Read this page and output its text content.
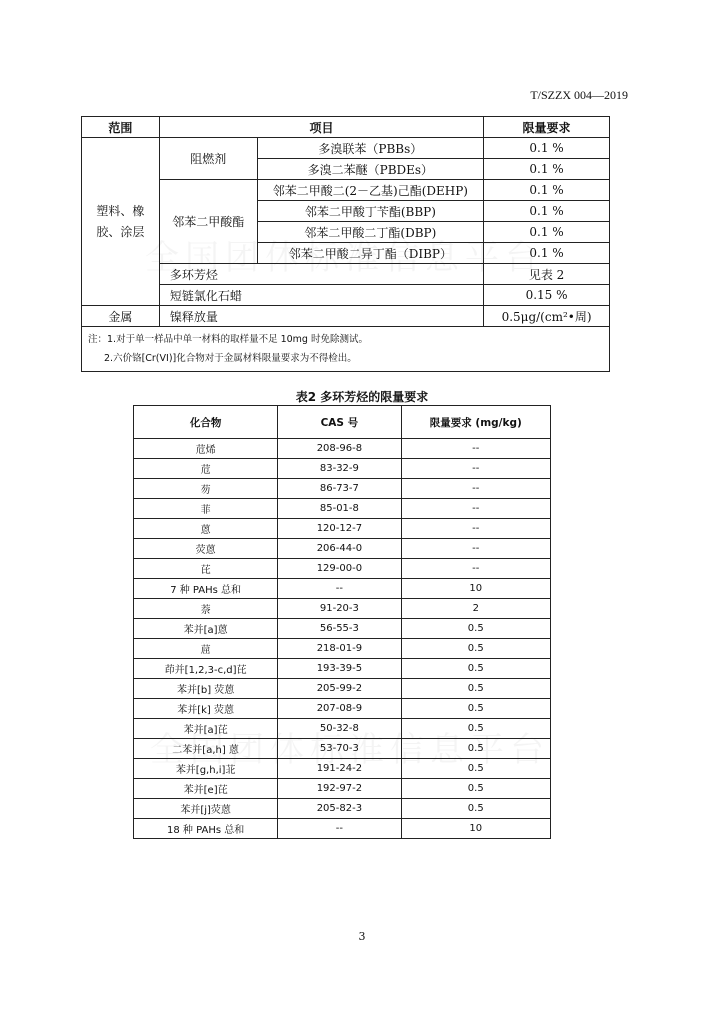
T/SZZX 004—2019
范围	项目		限量要求
塑料、橡胶、涂层	阻燃剂	多溴联苯（PBBs）	0.1 %
		多溴二苯醚（PBDEs）	0.1 %
	邻苯二甲酸酯	邻苯二甲酸二(2－乙基)己酯(DEHP)	0.1 %
		邻苯二甲酸丁苄酯(BBP)	0.1 %
		邻苯二甲酸二丁酯(DBP)	0.1 %
		邻苯二甲酸二异丁酯（DIBP）	0.1 %
	多环芳烃		见表 2
	短链氯化石蜡		0.15 %
金属	镍释放量		0.5μg/(cm²•周)

注：1.对于单一样品中单一材料的取样量不足 10mg 时免除测试。
2.六价铬[Cr(VI)]化合物对于金属材料限量要求为不得检出。			
表2 多环芳烃的限量要求
化合物	CAS 号	限量要求 (mg/kg)
苊烯	208-96-8	--
苊	83-32-9	--
芴	86-73-7	--
菲	85-01-8	--
蒽	120-12-7	--
荧蒽	206-44-0	--
芘	129-00-0	--
7 种 PAHs 总和	--	10
萘	91-20-3	2
苯并[a]蒽	56-55-3	0.5
䓛	218-01-9	0.5
茚并[1,2,3-c,d]芘	193-39-5	0.5
苯并[b] 荧蒽	205-99-2	0.5
苯并[k] 荧蒽	207-08-9	0.5
苯并[a]芘	50-32-8	0.5
二苯并[a,h] 蒽	53-70-3	0.5
苯并[g,h,i]苝	191-24-2	0.5
苯并[e]芘	192-97-2	0.5
苯并[j]荧蒽	205-82-3	0.5
18 种 PAHs 总和	--	10
3
